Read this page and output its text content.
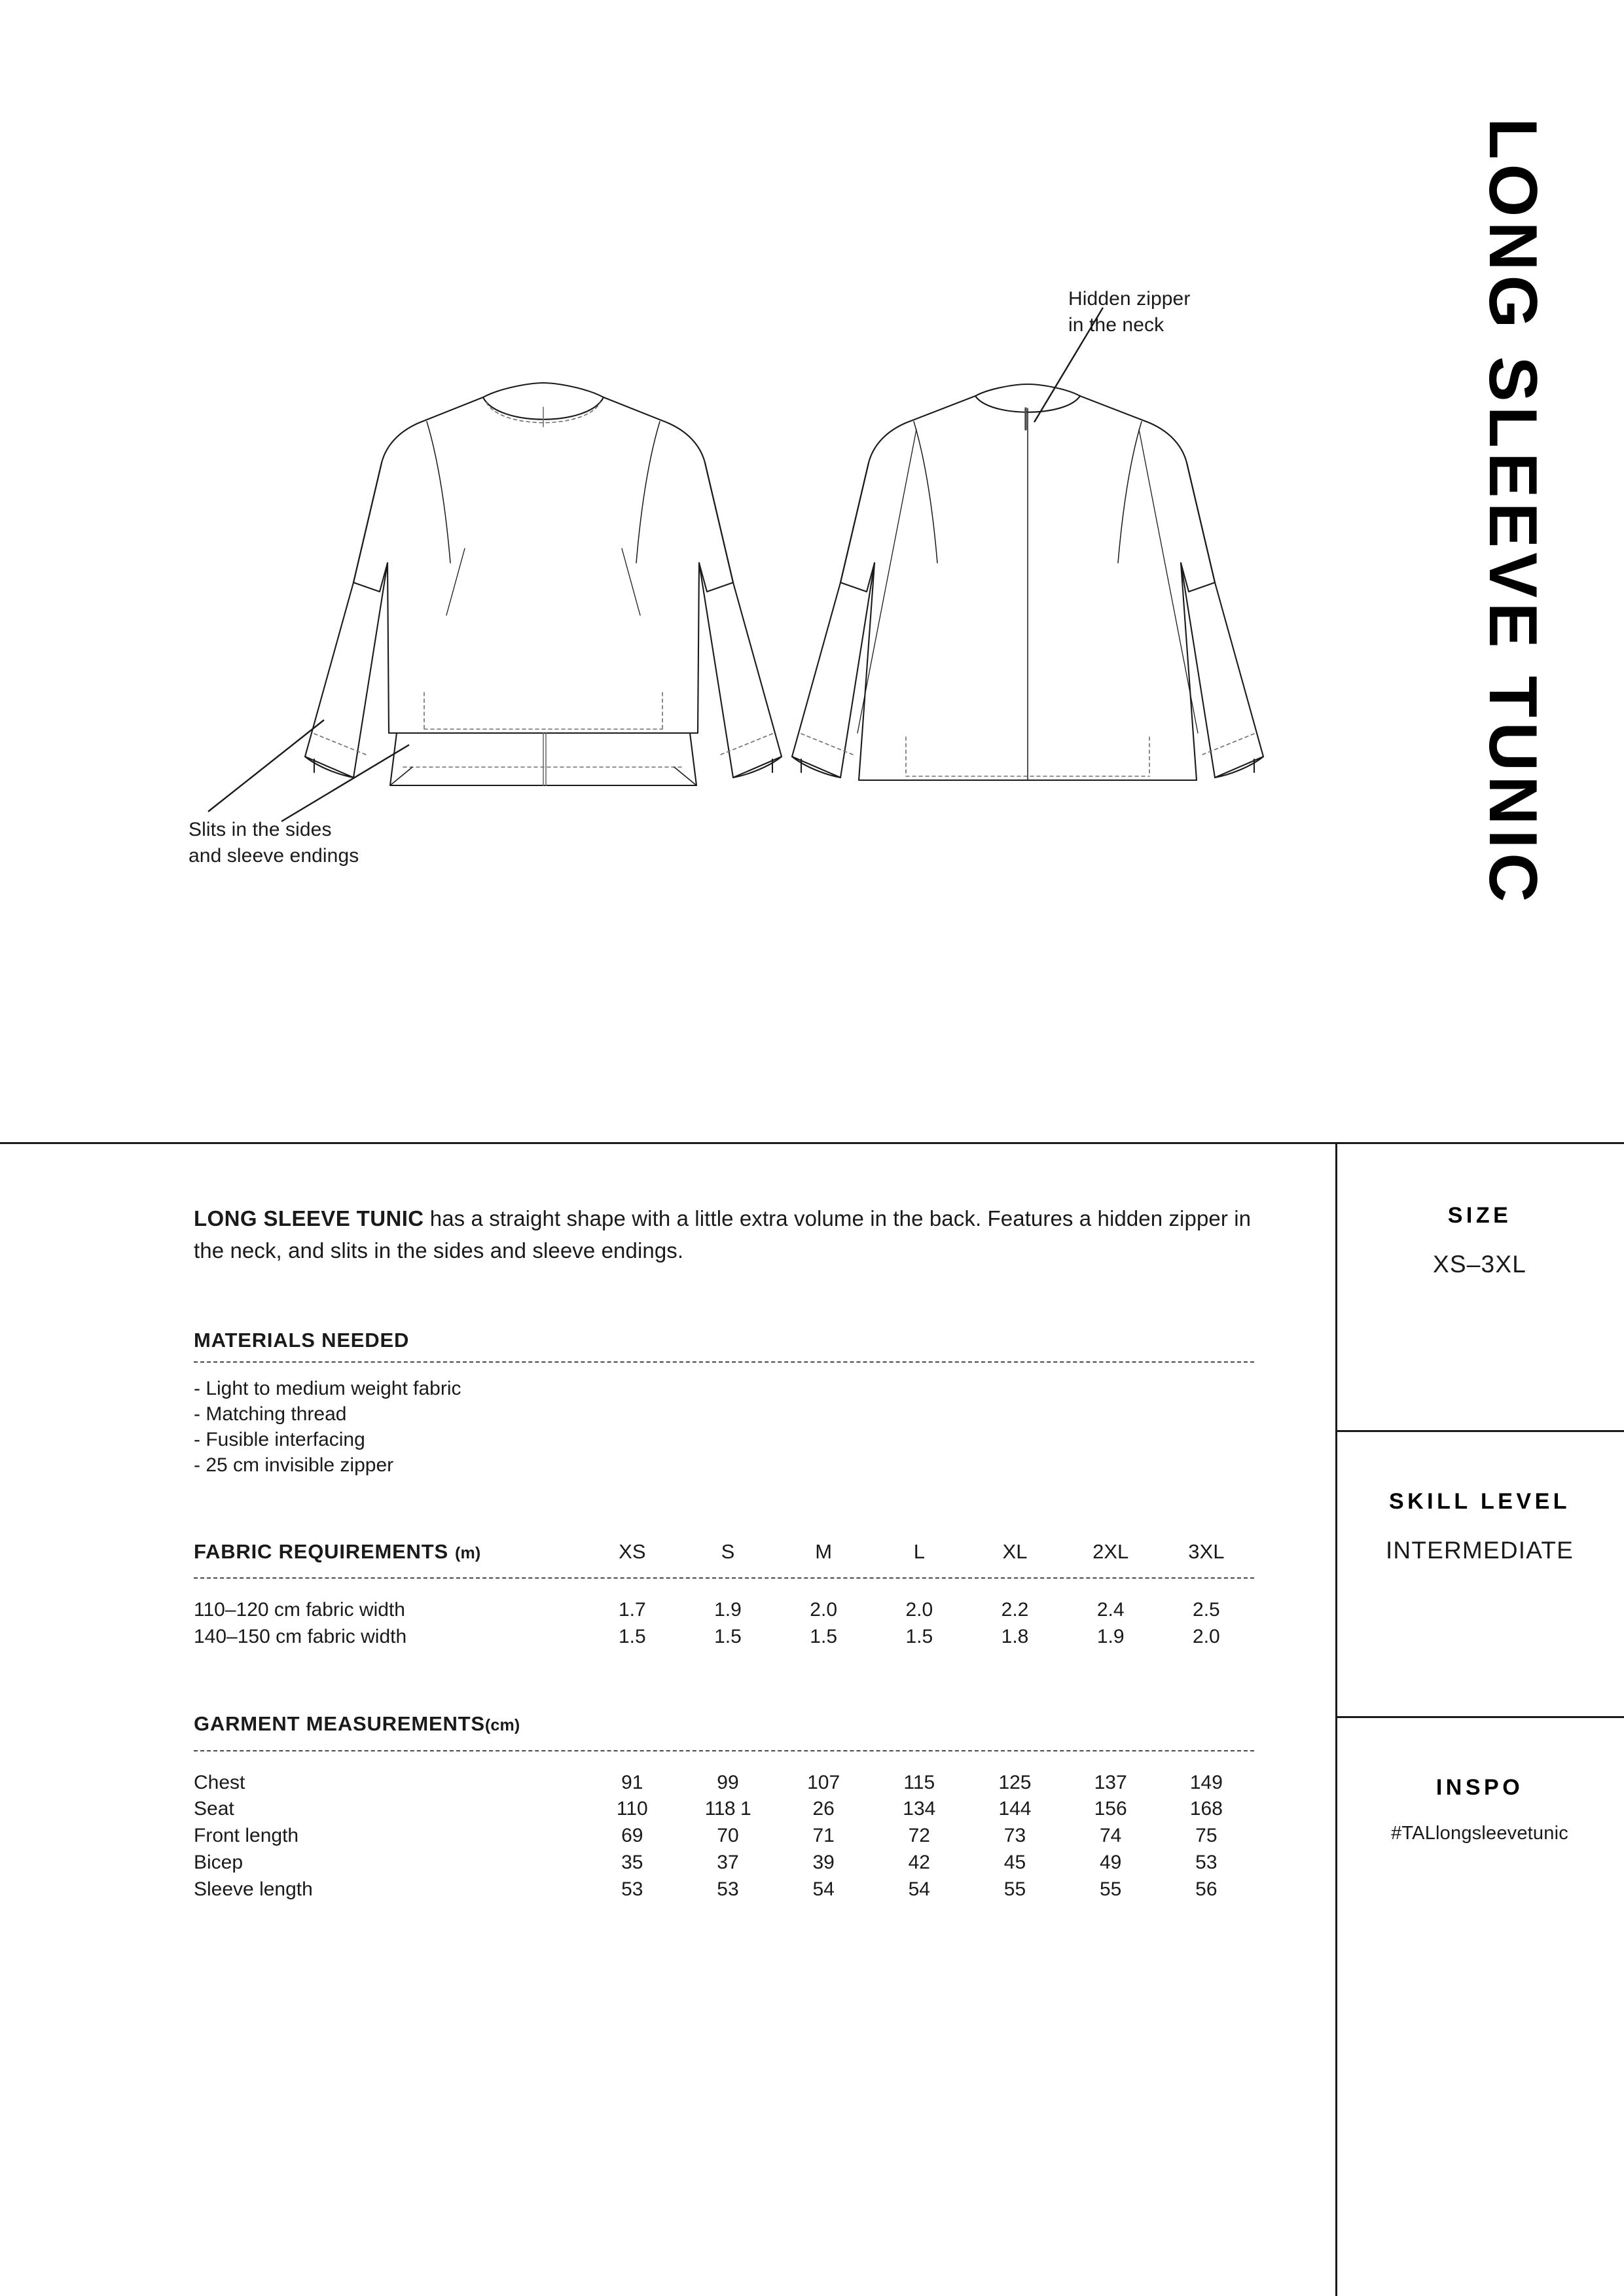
Hidden zipper
in the neck
Slits in the sides
and sleeve endings	LONG SLEEVE TUNIC

LONG SLEEVE TUNIC has a straight shape with a little extra volume in the back. Features a hidden zipper in the neck, and slits in the sides and sleeve endings.

MATERIALS NEEDED
- Light to medium weight fabric
- Matching thread
- Fusible interfacing
- 25 cm invisible zipper
FABRIC REQUIREMENTS (m)	XS	S	M	L	XL	2XL	3XL

110–120 cm fabric width	1.7	1.9	2.0	2.0	2.2	2.4	2.5
140–150 cm fabric width	1.5	1.5	1.5	1.5	1.8	1.9	2.0
GARMENT MEASUREMENTS(cm)							

Chest	91	99	107	115	125	137	149
Seat	110	118 1	26	134	144	156	168
Front length	69	70	71	72	73	74	75
Bicep	35	37	39	42	45	49	53
Sleeve length	53	53	54	54	55	55	56
SIZE
XS–3XL
SKILL LEVEL
INTERMEDIATE
INSPO
#TALlongsleevetunic
